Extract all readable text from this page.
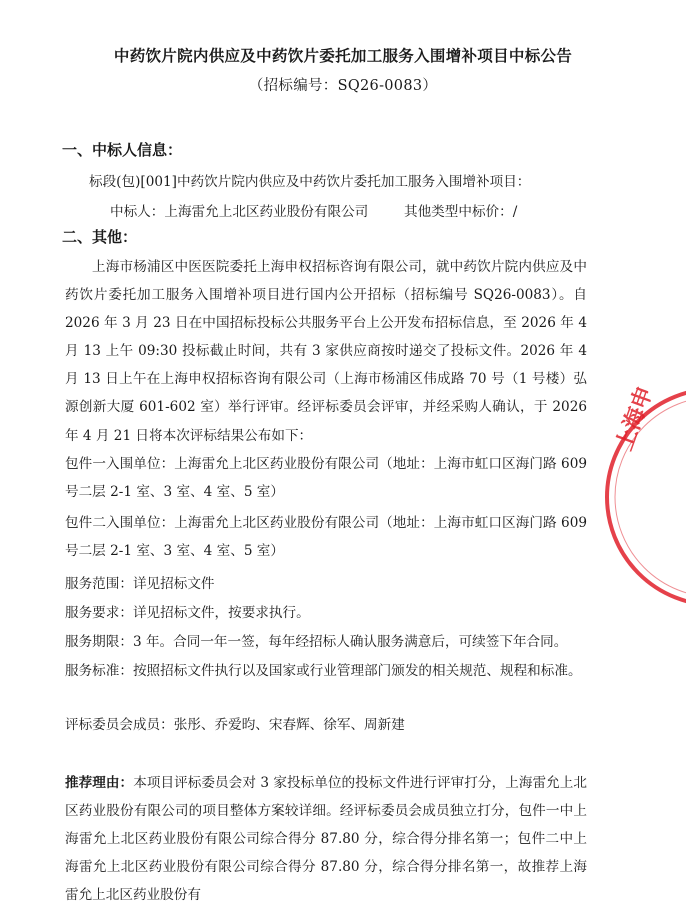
中药饮片院内供应及中药饮片委托加工服务入围增补项目中标公告
（招标编号：SQ26-0083）
一、中标人信息：
标段(包)[001]中药饮片院内供应及中药饮片委托加工服务入围增补项目：
中标人：上海雷允上北区药业股份有限公司	其他类型中标价：/
二、其他：
上海市杨浦区中医医院委托上海申权招标咨询有限公司，就中药饮片院内供应及中药饮片委托加工服务入围增补项目进行国内公开招标（招标编号 SQ26-0083）。自 2026 年 3 月 23 日在中国招标投标公共服务平台上公开发布招标信息，至 2026 年 4 月 13 上午 09:30 投标截止时间，共有 3 家供应商按时递交了投标文件。2026 年 4 月 13 日上午在上海申权招标咨询有限公司（上海市杨浦区伟成路 70 号（1 号楼）弘源创新大厦 601-602 室）举行评审。经评标委员会评审，并经采购人确认，于 2026 年 4 月 21 日将本次评标结果公布如下：
包件一入围单位：上海雷允上北区药业股份有限公司（地址：上海市虹口区海门路 609 号二层 2-1 室、3 室、4 室、5 室）
包件二入围单位：上海雷允上北区药业股份有限公司（地址：上海市虹口区海门路 609 号二层 2-1 室、3 室、4 室、5 室）
服务范围：详见招标文件
服务要求：详见招标文件，按要求执行。
服务期限：3 年。合同一年一签，每年经招标人确认服务满意后，可续签下年合同。
服务标准：按照招标文件执行以及国家或行业管理部门颁发的相关规范、规程和标准。
评标委员会成员：张彤、乔爱昀、宋春辉、徐军、周新建
推荐理由：本项目评标委员会对 3 家投标单位的投标文件进行评审打分，上海雷允上北区药业股份有限公司的项目整体方案较详细。经评标委员会成员独立打分，包件一中上海雷允上北区药业股份有限公司综合得分 87.80 分，综合得分排名第一；包件二中上海雷允上北区药业股份有限公司综合得分 87.80 分，综合得分排名第一，故推荐上海雷允上北区药业股份有
上海申
